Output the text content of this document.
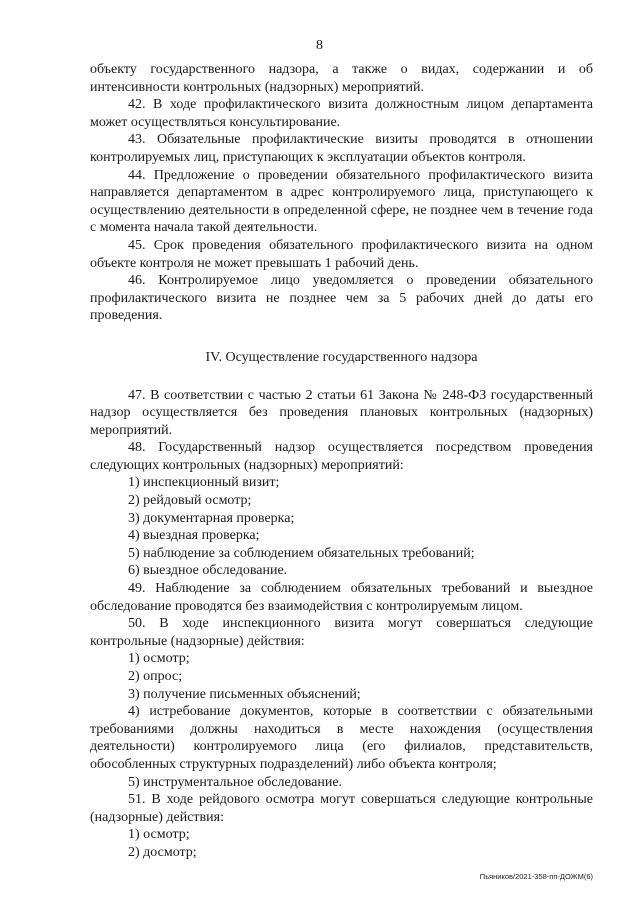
8

объекту государственного надзора, а также о видах, содержании и об интенсивности контрольных (надзорных) мероприятий.

42. В ходе профилактического визита должностным лицом департамента может осуществляться консультирование.

43. Обязательные профилактические визиты проводятся в отношении контролируемых лиц, приступающих к эксплуатации объектов контроля.

44. Предложение о проведении обязательного профилактического визита направляется департаментом в адрес контролируемого лица, приступающего к осуществлению деятельности в определенной сфере, не позднее чем в течение года с момента начала такой деятельности.

45. Срок проведения обязательного профилактического визита на одном объекте контроля не может превышать 1 рабочий день.

46. Контролируемое лицо уведомляется о проведении обязательного профилактического визита не позднее чем за 5 рабочих дней до даты его проведения.

IV. Осуществление государственного надзора

47. В соответствии с частью 2 статьи 61 Закона № 248-ФЗ государственный надзор осуществляется без проведения плановых контрольных (надзорных) мероприятий.

48. Государственный надзор осуществляется посредством проведения следующих контрольных (надзорных) мероприятий:

1) инспекционный визит;

2) рейдовый осмотр;

3) документарная проверка;

4) выездная проверка;

5) наблюдение за соблюдением обязательных требований;

6) выездное обследование.

49. Наблюдение за соблюдением обязательных требований и выездное обследование проводятся без взаимодействия с контролируемым лицом.

50. В ходе инспекционного визита могут совершаться следующие контрольные (надзорные) действия:

1) осмотр;

2) опрос;

3) получение письменных объяснений;

4) истребование документов, которые в соответствии с обязательными требованиями должны находиться в месте нахождения (осуществления деятельности) контролируемого лица (его филиалов, представительств, обособленных структурных подразделений) либо объекта контроля;

5) инструментальное обследование.

51. В ходе рейдового осмотра могут совершаться следующие контрольные (надзорные) действия:

1) осмотр;

2) досмотр;

Пьяников/2021-358-пп-ДОЖМ(6)
